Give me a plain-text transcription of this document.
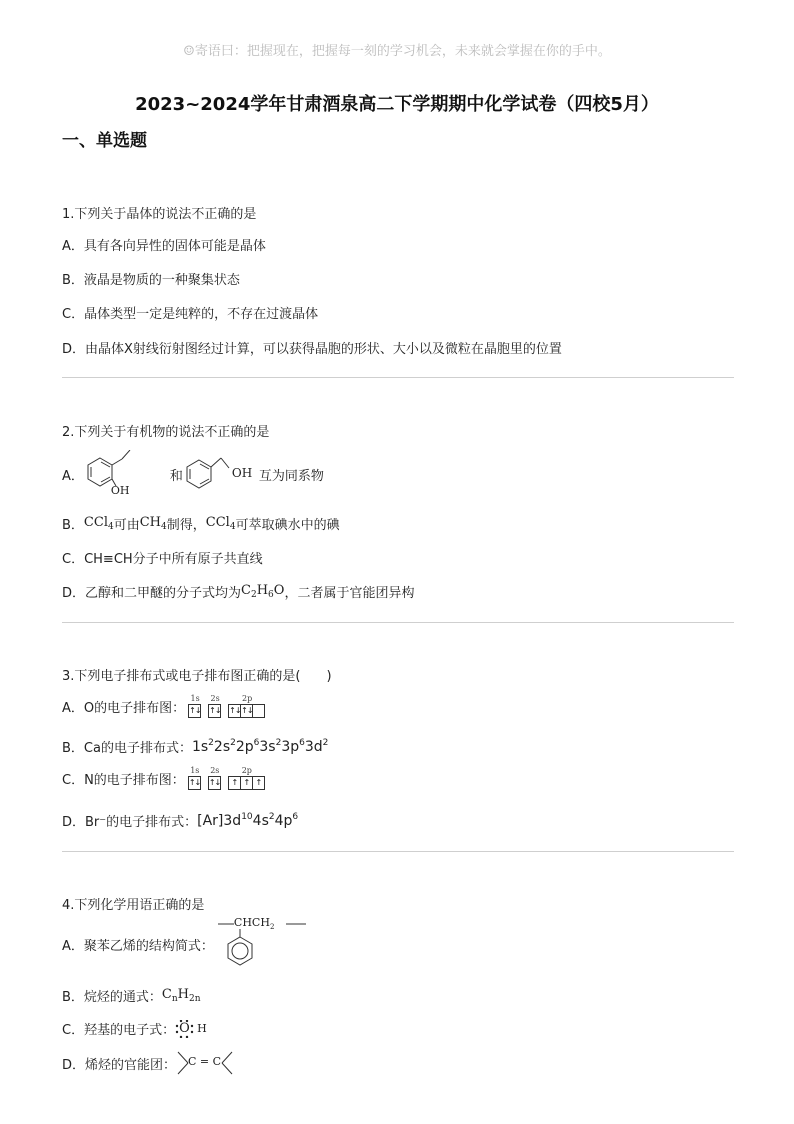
☺寄语曰：把握现在，把握每一刻的学习机会，未来就会掌握在你的手中。
2023~2024学年甘肃酒泉高二下学期期中化学试卷（四校5月）
一、单选题
1.下列关于晶体的说法不正确的是
A．具有各向异性的固体可能是晶体
B．液晶是物质的一种聚集状态
C．晶体类型一定是纯粹的，不存在过渡晶体
D．由晶体X射线衍射图经过计算，可以获得晶胞的形状、大小以及微粒在晶胞里的位置
2.下列关于有机物的说法不正确的是
A．
OH
和	OH 互为同系物
B． CCl$_4$ 可由 $CH_4$ 制得， CCl$_4$ 可萃取碘水中的碘
C．CH≡CH分子中所有原子共直线
D．乙醇和二甲醚的分子式均为 $C_2H_6O$ ，二者属于官能团异构
3.下列电子排布式或电子排布图正确的是(　　)
A．O的电子排布图：
1s
↑↓
2s
↑↓
2p
↑↓ ↑↓
B．Ca的电子排布式： $1s^22s^22p^63s^23p^63d^2$
C．N的电子排布图：
1s
↑↓
2s
↑↓
2p
↑ ↑ ↑
D．Br⁻的电子排布式： $[Ar]3d^{10}4s^24p^6$
4.下列化学用语正确的是
A．聚苯乙烯的结构简式：
$CHCH_2$
B．烷烃的通式： $C_nH_{2n}$
C．羟基的电子式： O H
D．烯烃的官能团： C = C
